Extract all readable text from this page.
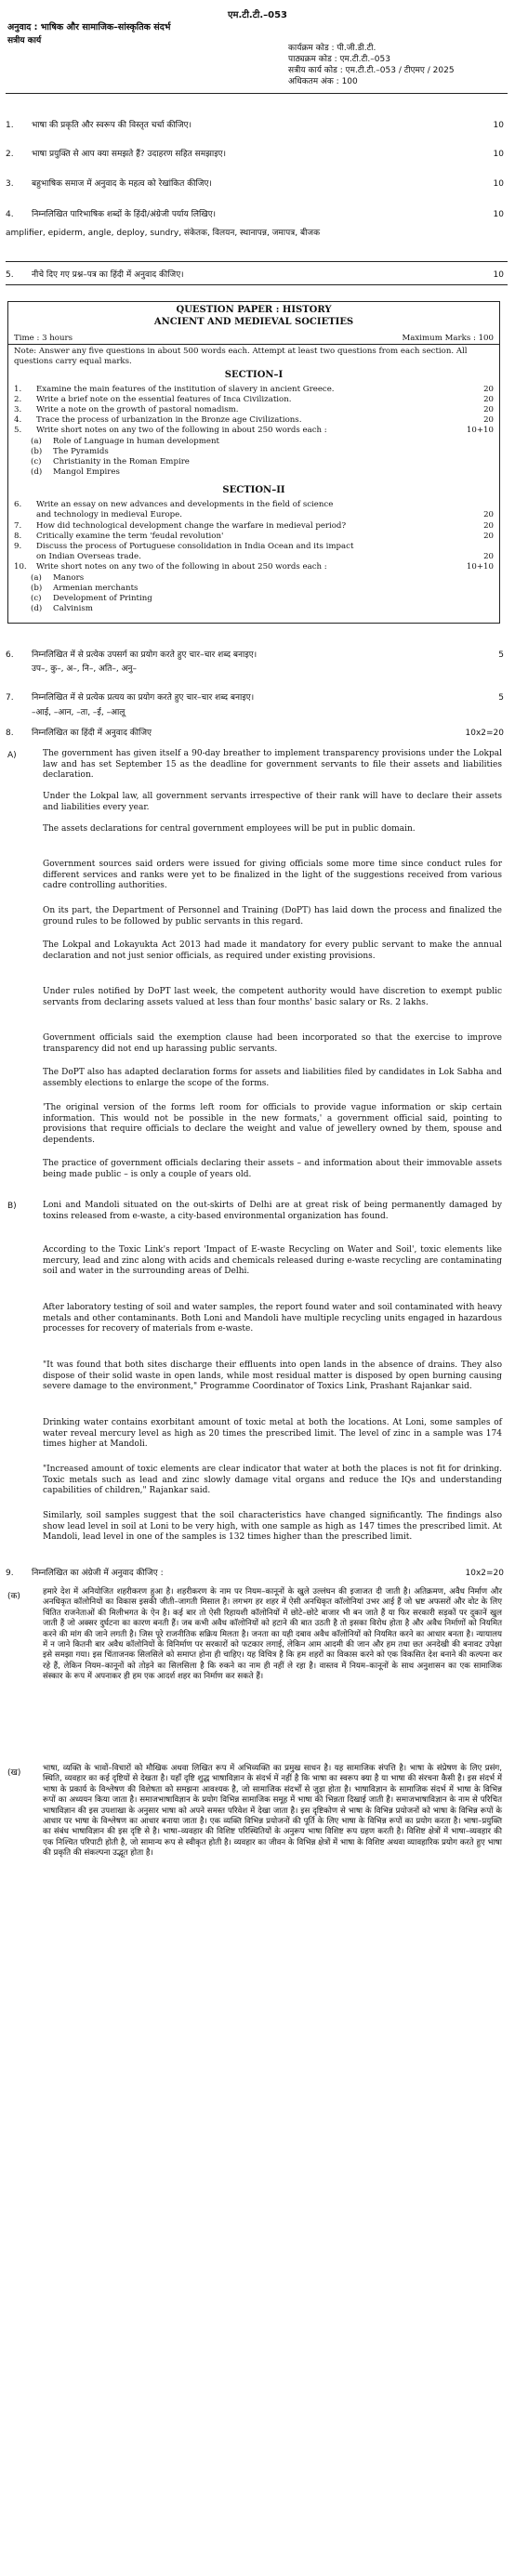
एम.टी.टी.–053
अनुवाद : भाषिक और सामाजिक–सांस्कृतिक संदर्भ
सत्रीय कार्य
कार्यक्रम कोड : पी.जी.डी.टी.
पाठ्यक्रम कोड : एम.टी.टी.–053
सत्रीय कार्य कोड : एम.टी.टी.–053 / टीएमए / 2025
अधिकतम अंक : 100
1. भाषा की प्रकृति और स्वरूप की विस्तृत चर्चा कीजिए।	10
2. भाषा प्रयुक्ति से आप क्या समझते हैं? उदाहरण सहित समझाइए।	10
3. बहुभाषिक समाज में अनुवाद के महत्व को रेखांकित कीजिए।	10
4. निम्नलिखित पारिभाषिक शब्दों के हिंदी/अंग्रेजी पर्याय लिखिए।	10
amplifier, epiderm, angle, deploy, sundry, संकेतक, विलयन, स्थानापन्न, जमापत्र, बीजक
5. नीचे दिए गए प्रश्न–पत्र का हिंदी में अनुवाद कीजिए।	10
QUESTION PAPER : HISTORY
ANCIENT AND MEDIEVAL SOCIETIES
Time : 3 hours	Maximum Marks : 100
Note: Answer any five questions in about 500 words each. Attempt at least two questions from each section. All questions carry equal marks.
SECTION–I
1. Examine the main features of the institution of slavery in ancient Greece.	20
2. Write a brief note on the essential features of Inca Civilization.	20
3. Write a note on the growth of pastoral nomadism.	20
4. Trace the process of urbanization in the Bronze age Civilizations.	20
5. Write short notes on any two of the following in about 250 words each :	10+10
(a) Role of Language in human development
(b) The Pyramids
(c) Christianity in the Roman Empire
(d) Mangol Empires
SECTION–II
6. Write an essay on new advances and developments in the field of science
and technology in medieval Europe.	20
7. How did technological development change the warfare in medieval period?	20
8. Critically examine the term 'feudal revolution'	20
9. Discuss the process of Portuguese consolidation in India Ocean and its impact
on Indian Overseas trade.	20
10. Write short notes on any two of the following in about 250 words each :	10+10
(a) Manors
(b) Armenian merchants
(c) Development of Printing
(d) Calvinism
6. निम्नलिखित में से प्रत्येक उपसर्ग का प्रयोग करते हुए चार–चार शब्द बनाइए।	5
उप–, कु–, अ–, नि–, अति–, अनु–
7. निम्नलिखित में से प्रत्येक प्रत्यय का प्रयोग करते हुए चार–चार शब्द बनाइए।	5
–आई, –आन, –ता, –ई, –आलू
8. निम्नलिखित का हिंदी में अनुवाद कीजिए	10x2=20
A)	The government has given itself a 90-day breather to implement transparency provisions under the Lokpal law and has set September 15 as the deadline for government servants to file their assets and liabilities declaration.
Under the Lokpal law, all government servants irrespective of their rank will have to declare their assets and liabilities every year.
The assets declarations for central government employees will be put in public domain.
Government sources said orders were issued for giving officials some more time since conduct rules for different services and ranks were yet to be finalized in the light of the suggestions received from various cadre controlling authorities.
On its part, the Department of Personnel and Training (DoPT) has laid down the process and finalized the ground rules to be followed by public servants in this regard.
The Lokpal and Lokayukta Act 2013 had made it mandatory for every public servant to make the annual declaration and not just senior officials, as required under existing provisions.
Under rules notified by DoPT last week, the competent authority would have discretion to exempt public servants from declaring assets valued at less than four months' basic salary or Rs. 2 lakhs.
Government officials said the exemption clause had been incorporated so that the exercise to improve transparency did not end up harassing public servants.
The DoPT also has adapted declaration forms for assets and liabilities filed by candidates in Lok Sabha and assembly elections to enlarge the scope of the forms.
'The original version of the forms left room for officials to provide vague information or skip certain information. This would not be possible in the new formats,' a government official said, pointing to provisions that require officials to declare the weight and value of jewellery owned by them, spouse and dependents.
The practice of government officials declaring their assets – and information about their immovable assets being made public – is only a couple of years old.
B)	Loni and Mandoli situated on the out-skirts of Delhi are at great risk of being permanently damaged by toxins released from e-waste, a city-based environmental organization has found.
According to the Toxic Link's report 'Impact of E-waste Recycling on Water and Soil', toxic elements like mercury, lead and zinc along with acids and chemicals released during e-waste recycling are contaminating soil and water in the surrounding areas of Delhi.
After laboratory testing of soil and water samples, the report found water and soil contaminated with heavy metals and other contaminants. Both Loni and Mandoli have multiple recycling units engaged in hazardous processes for recovery of materials from e-waste.
"It was found that both sites discharge their effluents into open lands in the absence of drains. They also dispose of their solid waste in open lands, while most residual matter is disposed by open burning causing severe damage to the environment," Programme Coordinator of Toxics Link, Prashant Rajankar said.
Drinking water contains exorbitant amount of toxic metal at both the locations. At Loni, some samples of water reveal mercury level as high as 20 times the prescribed limit. The level of zinc in a sample was 174 times higher at Mandoli.
"Increased amount of toxic elements are clear indicator that water at both the places is not fit for drinking. Toxic metals such as lead and zinc slowly damage vital organs and reduce the IQs and understanding capabilities of children," Rajankar said.
Similarly, soil samples suggest that the soil characteristics have changed significantly. The findings also show lead level in soil at Loni to be very high, with one sample as high as 147 times the prescribed limit. At Mandoli, lead level in one of the samples is 132 times higher than the prescribed limit.
9. निम्नलिखित का अंग्रेजी में अनुवाद कीजिए :	10x2=20
(क)	हमारे देश में अनियोजित शहरीकरण हुआ है। शहरीकरण के नाम पर नियम–कानूनों के खुले उल्लंघन की इजाजत दी जाती है। अतिक्रमण, अवैध निर्माण और अनधिकृत कॉलोनियों का विकास इसकी जीती–जागती मिसाल है। लगभग हर शहर में ऐसी अनधिकृत कॉलोनियां उभर आई हैं जो भ्रष्ट अफसरों और वोट के लिए चिंतित राजनेताओं की मिलीभगत के ऐन है। कई बार तो ऐसी रिहायशी कॉलोनियों में छोटे–छोटे बाजार भी बन जाते हैं या फिर सरकारी सड़कों पर दुकानें खुल जाती हैं जो अक्सर दुर्घटना का कारण बनती हैं। जब कभी अवैध कॉलोनियों को हटाने की बात उठती है तो इसका विरोध होता है और अवैध निर्माणों को नियमित करने की मांग की जाने लगती है। जिस पूरे राजनीतिक सक्रिय मिलता है। जनता का यही दबाव अवैध कॉलोनियों को नियमित करने का आधार बनता है। न्यायालय में न जाने कितनी बार अवैध कॉलोनियों के विनिर्माण पर सरकारों को फटकार लगाई, लेकिन आम आदमी की जान और हम तथा छत अनदेखी की बनावट उपेक्षा इसे समझा गया। इस चिंताजनक सिलसिले को समाप्त होना ही चाहिए। यह विचित्र है कि हम शहरों का विकास करने को एक विकसित देश बनाने की कल्पना कर रहे हैं, लेकिन नियम–कानूनों को तोड़ने का सिलसिला है कि रुकने का नाम ही नहीं ले रहा है। वास्तव में नियम–कानूनों के साथ अनुशासन का एक सामाजिक संस्कार के रूप में अपनाकर ही हम एक आदर्श शहर का निर्माण कर सकते हैं।
(ख)	भाषा, व्यक्ति के भावों–विचारों को मौखिक अथवा लिखित रूप में अभिव्यक्ति का प्रमुख साधन है। यह सामाजिक संपत्ति है। भाषा के संप्रेषण के लिए प्रसंग, स्थिति, व्यवहार का कई दृष्टियों से देखता है। यहाँ दृष्टि शुद्ध भाषाविज्ञान के संदर्भ में नहीं है कि भाषा का स्वरूप क्या है या भाषा की संरचना कैसी है। इस संदर्भ में भाषा के प्रकार्य के विश्लेषण की विशेषता को समझना आवश्यक है, जो सामाजिक संदर्भों से जुड़ा होता है। भाषाविज्ञान के सामाजिक संदर्भ में भाषा के विभिन्न रूपों का अध्ययन किया जाता है। समाजभाषाविज्ञान के प्रयोग विभिन्न सामाजिक समूह में भाषा की भिन्नता दिखाई जाती है। समाजभाषाविज्ञान के नाम से परिचित भाषाविज्ञान की इस उपशाखा के अनुसार भाषा को अपने समस्त परिवेश में देखा जाता है। इस दृष्टिकोण से भाषा के विभिन्न प्रयोजनों को भाषा के विभिन्न रूपों के आधार पर भाषा के विश्लेषण का आधार बनाया जाता है। एक व्यक्ति विभिन्न प्रयोजनों की पूर्ति के लिए भाषा के विभिन्न रूपों का प्रयोग करता है। भाषा–प्रयुक्ति का संबंध भाषाविज्ञान की इस दृष्टि से है। भाषा–व्यवहार की विशिष्ट परिस्थितियों के अनुरूप भाषा विशिष्ट रूप ग्रहण करती है। विशिष्ट क्षेत्रों में भाषा–व्यवहार की एक निश्चित परिपाटी होती है, जो सामान्य रूप से स्वीकृत होती है। व्यवहार का जीवन के विभिन्न क्षेत्रों में भाषा के विशिष्ट अथवा व्यावहारिक प्रयोग करते हुए भाषा की प्रकृति की संकल्पना उद्भूत होता है।
